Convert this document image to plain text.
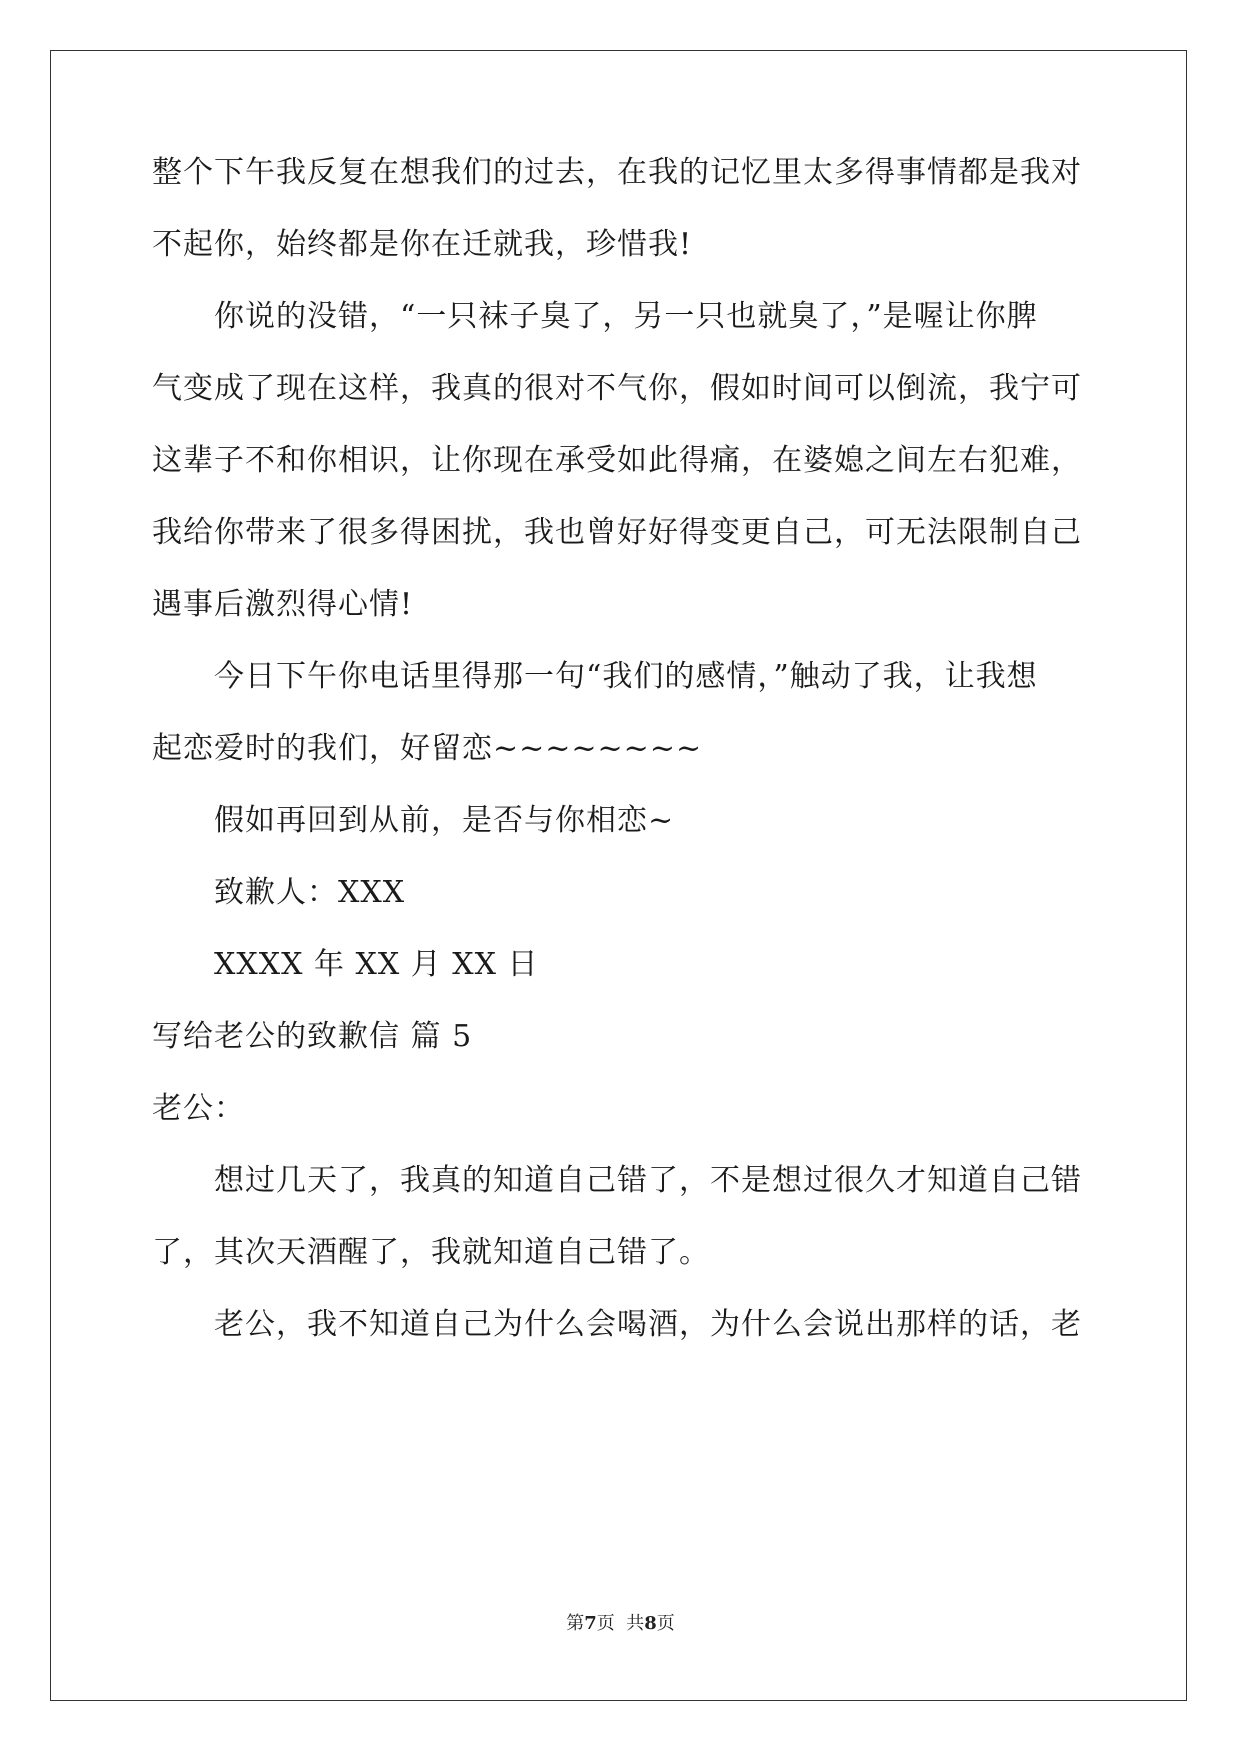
整个下午我反复在想我们的过去，在我的记忆里太多得事情都是我对
不起你，始终都是你在迁就我，珍惜我!
你说的没错，“一只袜子臭了，另一只也就臭了，”是喔让你脾
气变成了现在这样，我真的很对不气你，假如时间可以倒流，我宁可
这辈子不和你相识，让你现在承受如此得痛，在婆媳之间左右犯难，
我给你带来了很多得困扰，我也曾好好得变更自己，可无法限制自己
遇事后激烈得心情!
今日下午你电话里得那一句“我们的感情，”触动了我，让我想
起恋爱时的我们，好留恋~~~~~~~~
假如再回到从前，是否与你相恋~
致歉人：XXX
XXXX 年 XX 月 XX 日
写给老公的致歉信 篇 5
老公：
想过几天了，我真的知道自己错了，不是想过很久才知道自己错
了，其次天酒醒了，我就知道自己错了。
老公，我不知道自己为什么会喝酒，为什么会说出那样的话，老
第7页  共8页
